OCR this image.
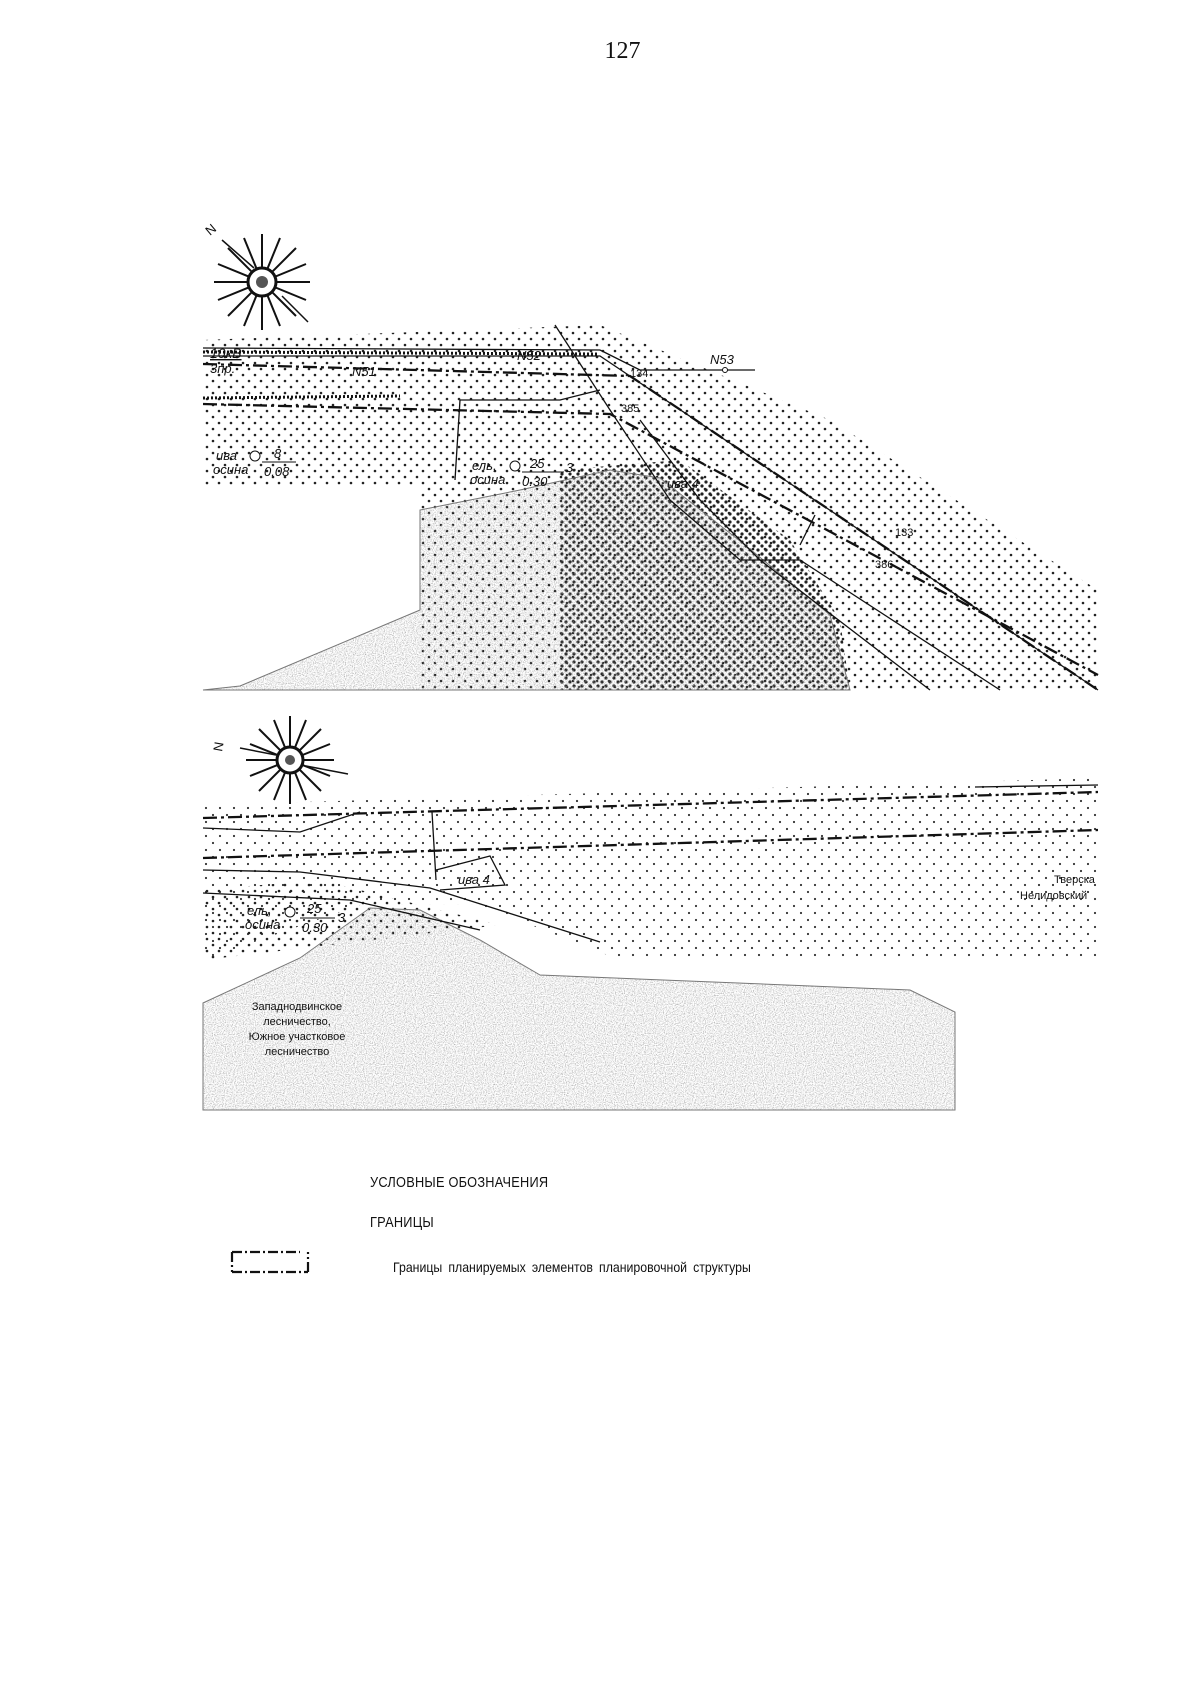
127
N
10кВ
3пр.	N51
N52	N53
134
385
133
386
ива
осина
8
0.08	ель,
осина
25
0.30
3
ива 4
N
ель,
осина
25
0.30
3
ива 4
Западнодвинское
лесничество,
Южное участковое
лесничество
Тверска
Нелидовский
УСЛОВНЫЕ ОБОЗНАЧЕНИЯ
ГРАНИЦЫ
Границы планируемых элементов планировочной структуры
